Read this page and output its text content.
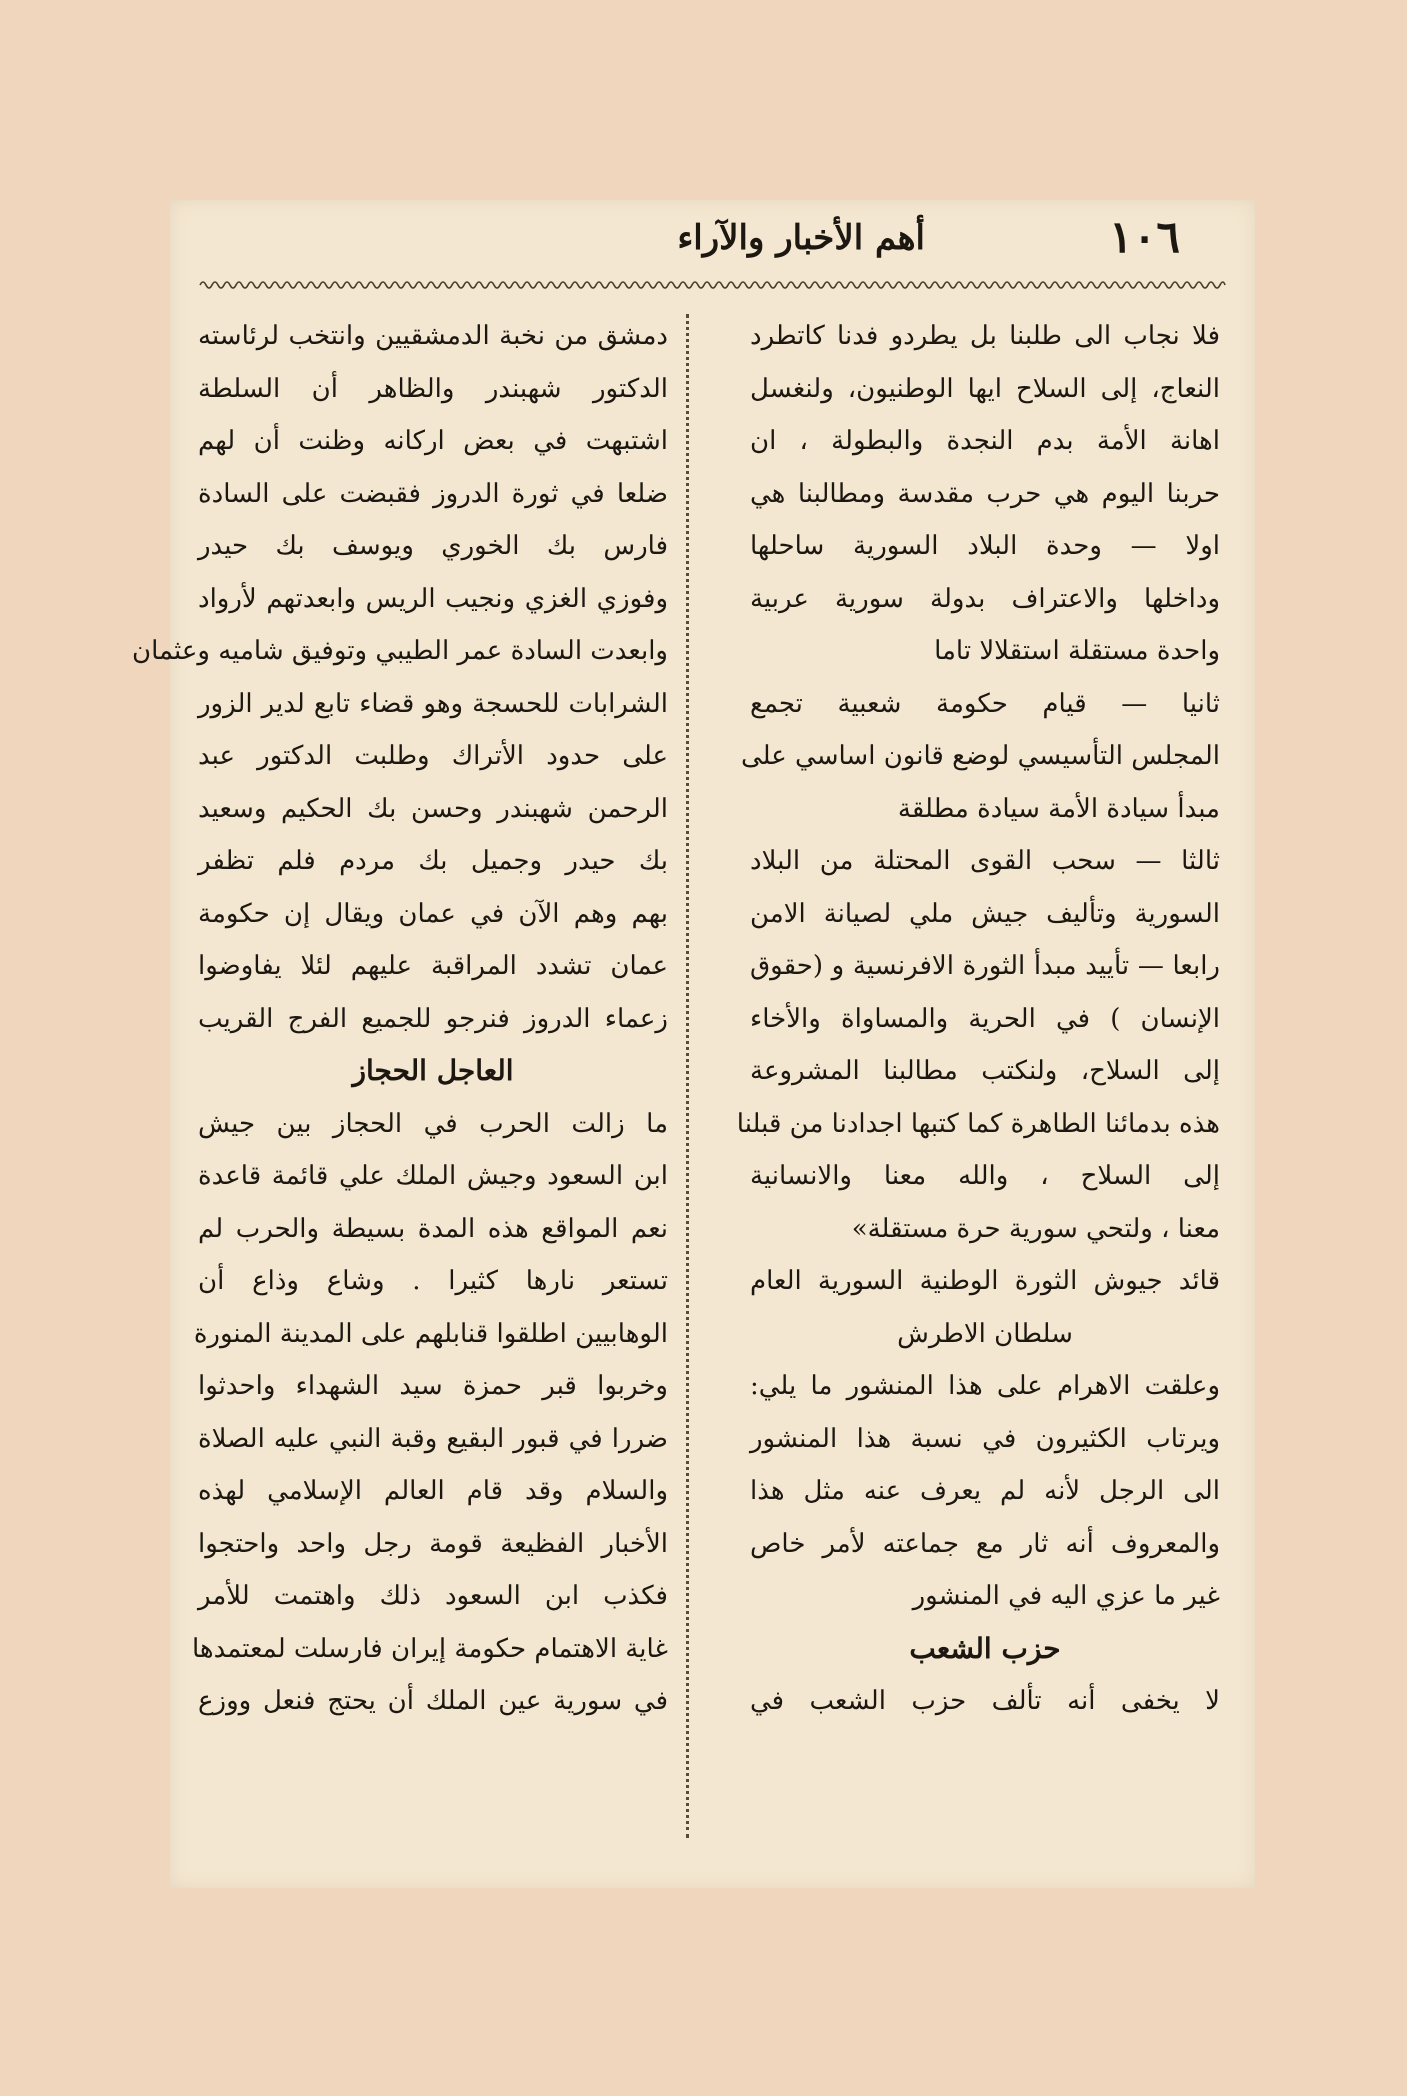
١٠٦
أهم الأخبار والآراء
فلا نجاب الى طلبنا بل يطردو فدنا كاتطرد
النعاج، إلى السلاح ايها الوطنيون، ولنغسل
اهانة الأمة بدم النجدة والبطولة ، ان
حربنا اليوم هي حرب مقدسة ومطالبنا هي
اولا — وحدة البلاد السورية ساحلها
وداخلها والاعتراف بدولة سورية عربية
واحدة مستقلة استقلالا تاما
ثانيا — قيام حكومة شعبية تجمع
المجلس التأسيسي لوضع قانون اساسي على
مبدأ سيادة الأمة سيادة مطلقة
ثالثا — سحب القوى المحتلة من البلاد
السورية وتأليف جيش ملي لصيانة الامن
رابعا — تأييد مبدأ الثورة الافرنسية و (حقوق
الإنسان ) في الحرية والمساواة والأخاء
إلى السلاح، ولنكتب مطالبنا المشروعة
هذه بدمائنا الطاهرة كما كتبها اجدادنا من قبلنا
إلى السلاح ، والله معنا والانسانية
معنا ، ولتحي سورية حرة مستقلة»
قائد جيوش الثورة الوطنية السورية العام
سلطان الاطرش
وعلقت الاهرام على هذا المنشور ما يلي:
ويرتاب الكثيرون في نسبة هذا المنشور
الى الرجل لأنه لم يعرف عنه مثل هذا
والمعروف أنه ثار مع جماعته لأمر خاص
غير ما عزي اليه في المنشور
حزب الشعب
لا يخفى أنه تألف حزب الشعب في
دمشق من نخبة الدمشقيين وانتخب لرئاسته
الدكتور شهبندر والظاهر أن السلطة
اشتبهت في بعض اركانه وظنت أن لهم
ضلعا في ثورة الدروز فقبضت على السادة
فارس بك الخوري ويوسف بك حيدر
وفوزي الغزي ونجيب الريس وابعدتهم لأرواد
وابعدت السادة عمر الطيبي وتوفيق شاميه وعثمان
الشرابات للحسجة وهو قضاء تابع لدير الزور
على حدود الأتراك وطلبت الدكتور عبد
الرحمن شهبندر وحسن بك الحكيم وسعيد
بك حيدر وجميل بك مردم فلم تظفر
بهم وهم الآن في عمان ويقال إن حكومة
عمان تشدد المراقبة عليهم لئلا يفاوضوا
زعماء الدروز فنرجو للجميع الفرج القريب
العاجل الحجاز
ما زالت الحرب في الحجاز بين جيش
ابن السعود وجيش الملك علي قائمة قاعدة
نعم المواقع هذه المدة بسيطة والحرب لم
تستعر نارها كثيرا . وشاع وذاع أن
الوهابيين اطلقوا قنابلهم على المدينة المنورة
وخربوا قبر حمزة سيد الشهداء واحدثوا
ضررا في قبور البقيع وقبة النبي عليه الصلاة
والسلام وقد قام العالم الإسلامي لهذه
الأخبار الفظيعة قومة رجل واحد واحتجوا
فكذب ابن السعود ذلك واهتمت للأمر
غاية الاهتمام حكومة إيران فارسلت لمعتمدها
في سورية عين الملك أن يحتج فنعل ووزع
